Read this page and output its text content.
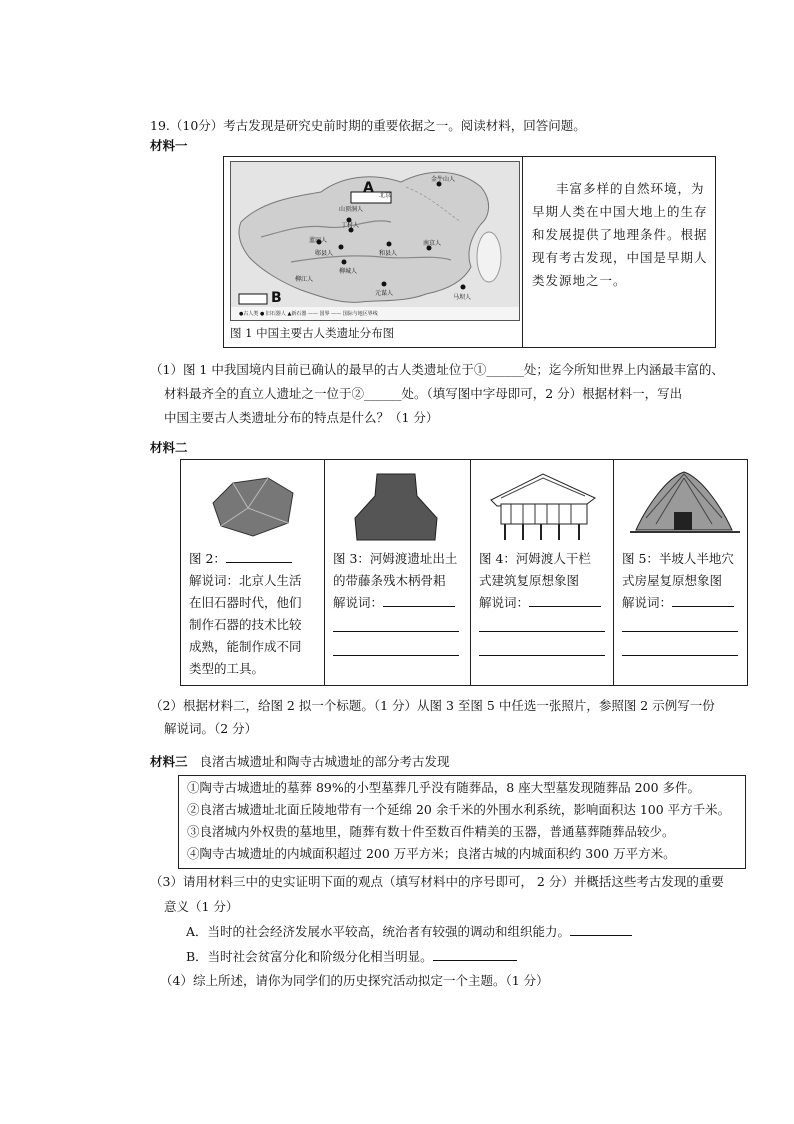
19.（10分）考古发现是研究史前时期的重要依据之一。阅读材料，回答问题。
材料一
A
B
北京
金牛山人
山顶洞人
丁村人
蓝田人
郧县人	和县人
南京人
柳城人
元谋人
马坝人
柳江人
●古人类 ● 旧石器人 ▲新石器 —— 国界 —— 国际与地区界线
图 1 中国主要古人类遗址分布图
丰富多样的自然环境，为早期人类在中国大地上的生存和发展提供了地理条件。根据现有考古发现，中国是早期人类发源地之一。
（1）图 1 中我国境内目前已确认的最早的古人类遗址位于①______处；迄今所知世界上内涵最丰富的、
材料最齐全的直立人遗址之一位于②______处。（填写图中字母即可，2 分）根据材料一，写出
中国主要古人类遗址分布的特点是什么？（1 分）
材料二
图 2：
解说词：北京人生活
在旧石器时代，他们
制作石器的技术比较
成熟，能制作成不同
类型的工具。
图 3：河姆渡遗址出土
的带藤条残木柄骨耜
解说词：
图 4：河姆渡人干栏
式建筑复原想象图
解说词：
图 5：半坡人半地穴
式房屋复原想象图
解说词：
（2）根据材料二，给图 2 拟一个标题。（1 分）从图 3 至图 5 中任选一张照片，参照图 2 示例写一份
解说词。（2 分）
材料三 良渚古城遗址和陶寺古城遗址的部分考古发现
①陶寺古城遗址的墓葬 89%的小型墓葬几乎没有随葬品，8 座大型墓发现随葬品 200 多件。
②良渚古城遗址北面丘陵地带有一个延绵 20 余千米的外围水利系统，影响面积达 100 平方千米。
③良渚城内外权贵的墓地里，随葬有数十件至数百件精美的玉器，普通墓葬随葬品较少。
④陶寺古城遗址的内城面积超过 200 万平方米；良渚古城的内城面积约 300 万平方米。
（3）请用材料三中的史实证明下面的观点（填写材料中的序号即可， 2 分）并概括这些考古发现的重要
意义（1 分）
A．当时的社会经济发展水平较高，统治者有较强的调动和组织能力。
B．当时社会贫富分化和阶级分化相当明显。
（4）综上所述，请你为同学们的历史探究活动拟定一个主题。（1 分）
